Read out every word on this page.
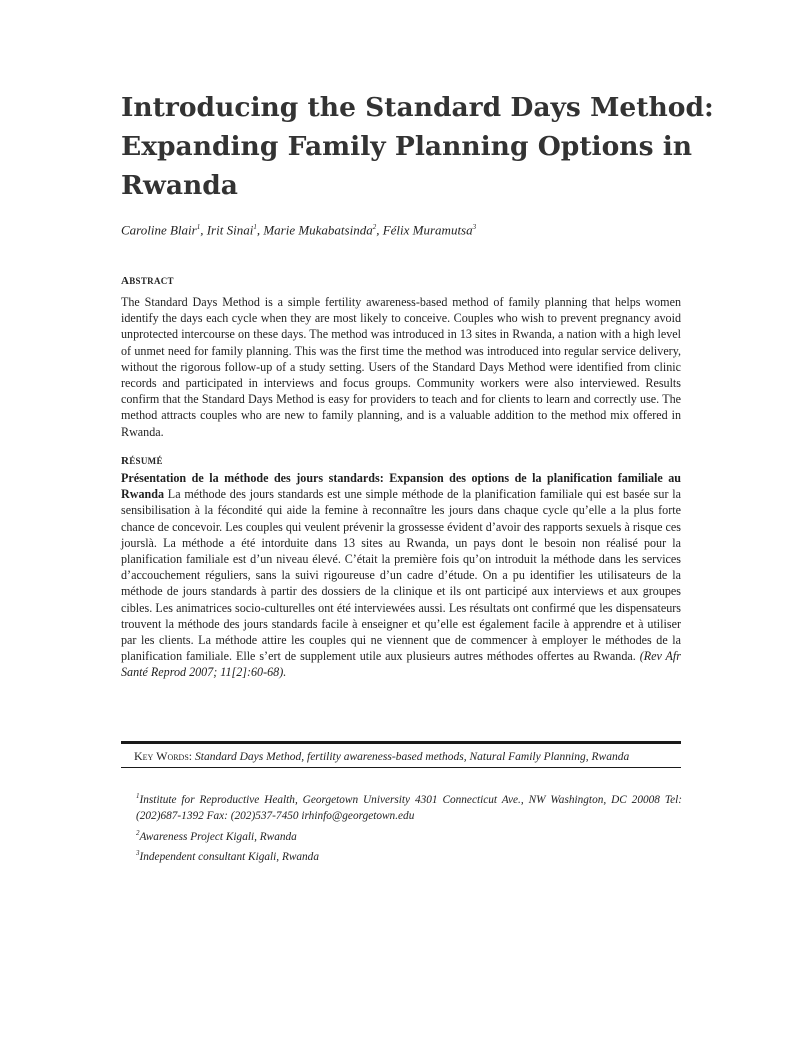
Introducing the Standard Days Method: Expanding Family Planning Options in Rwanda
Caroline Blair$^1$, Irit Sinai$^1$, Marie Mukabatsinda$^2$, Félix Muramutsa$^3$
ABSTRACT

The Standard Days Method is a simple fertility awareness-based method of family planning that helps women identify the days each cycle when they are most likely to conceive. Couples who wish to prevent pregnancy avoid unprotected intercourse on these days. The method was introduced in 13 sites in Rwanda, a nation with a high level of unmet need for family planning. This was the first time the method was introduced into regular service delivery, without the rigorous follow-up of a study setting. Users of the Standard Days Method were identified from clinic records and participated in interviews and focus groups. Community workers were also interviewed. Results confirm that the Standard Days Method is easy for providers to teach and for clients to learn and correctly use. The method attracts couples who are new to family planning, and is a valuable addition to the method mix offered in Rwanda.

RÉSUMÉ

Présentation de la méthode des jours standards: Expansion des options de la planification familiale au Rwanda La méthode des jours standards est une simple méthode de la planification familiale qui est basée sur la sensibilisation à la fécondité qui aide la femine à reconnaître les jours dans chaque cycle qu’elle a la plus forte chance de concevoir. Les couples qui veulent prévenir la grossesse évident d’avoir des rapports sexuels à risque ces jourslà. La méthode a été intorduite dans 13 sites au Rwanda, un pays dont le besoin non réalisé pour la planification familiale est d’un niveau élevé. C’était la première fois qu’on introduit la méthode dans les services d’accouchement réguliers, sans la suivi rigoureuse d’un cadre d’étude. On a pu identifier les utilisateurs de la méthode de jours standards à partir des dossiers de la clinique et ils ont participé aux interviews et aux groupes cibles. Les animatrices socio-culturelles ont été interviewées aussi. Les résultats ont confirmé que les dispensateurs trouvent la méthode des jours standards facile à enseigner et qu’elle est également facile à apprendre et à utiliser par les clients. La méthode attire les couples qui ne viennent que de commencer à employer le méthodes de la planification familiale. Elle s’ert de supplement utile aux plusieurs autres méthodes offertes au Rwanda. (Rev Afr Santé Reprod 2007; 11[2]:60-68).

Key Words: Standard Days Method, fertility awareness-based methods, Natural Family Planning, Rwanda

$^1$Institute for Reproductive Health, Georgetown University 4301 Connecticut Ave., NW Washington, DC 20008 Tel: (202)687-1392 Fax: (202)537-7450 irhinfo@georgetown.edu

$^2$Awareness Project Kigali, Rwanda

$^3$Independent consultant Kigali, Rwanda
